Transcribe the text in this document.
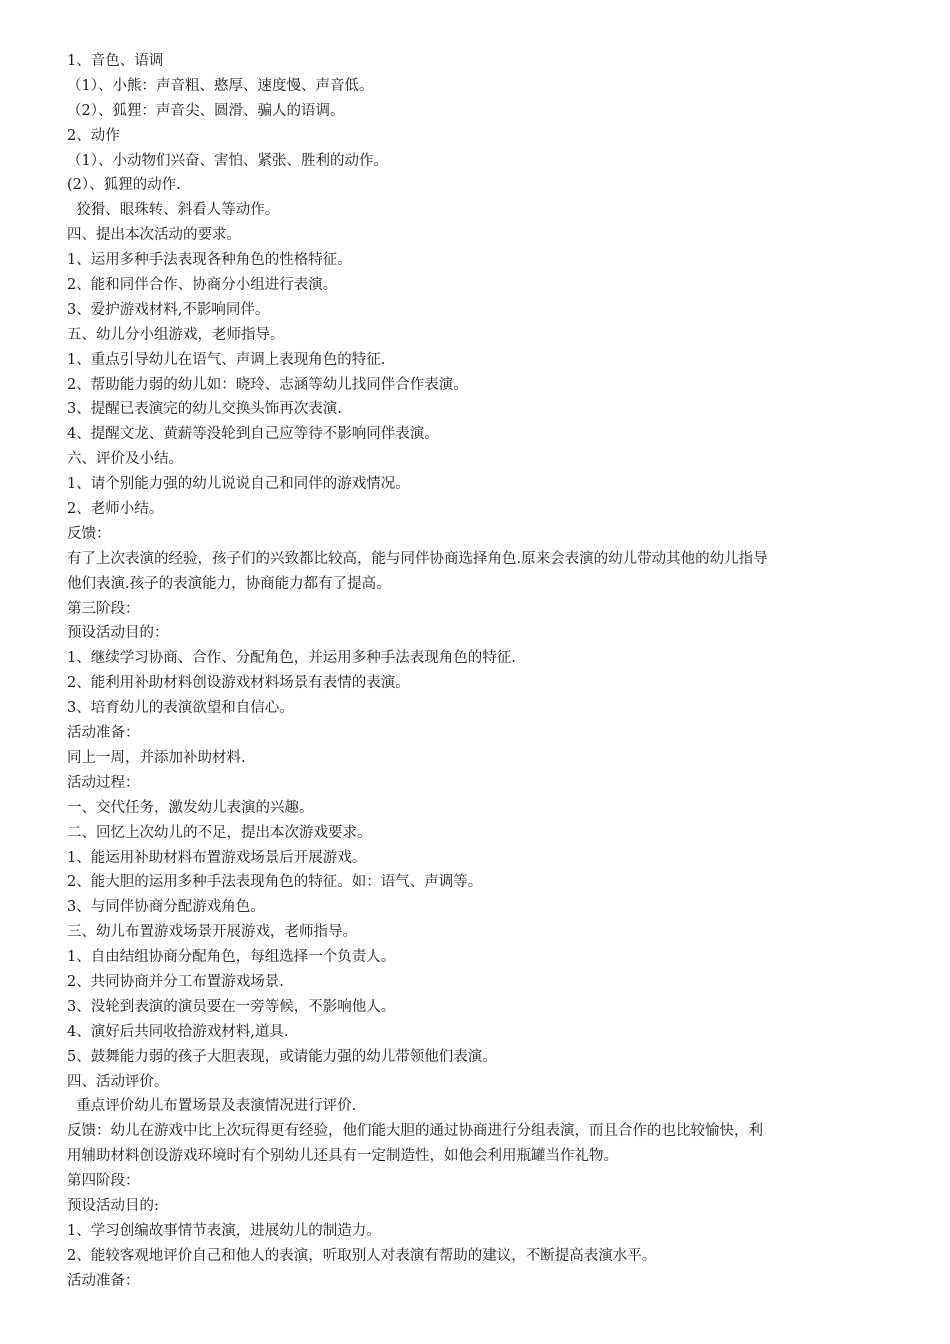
1、音色、语调
（1）、小熊：声音粗、憨厚、速度慢、声音低。
（2）、狐狸：声音尖、圆滑、骗人的语调。
2、动作
（1）、小动物们兴奋、害怕、紧张、胜利的动作。
(2）、狐狸的动作.
狡猾、眼珠转、斜看人等动作。
四、提出本次活动的要求。
1、运用多种手法表现各种角色的性格特征。
2、能和同伴合作、协商分小组进行表演。
3、爱护游戏材料,不影响同伴。
五、幼儿分小组游戏，老师指导。
1、重点引导幼儿在语气、声调上表现角色的特征.
2、帮助能力弱的幼儿如：晓玲、志涵等幼儿找同伴合作表演。
3、提醒已表演完的幼儿交换头饰再次表演.
4、提醒文龙、黄薪等没轮到自己应等待不影响同伴表演。
六、评价及小结。
1、请个别能力强的幼儿说说自己和同伴的游戏情况。
2、老师小结。
反馈：
有了上次表演的经验，孩子们的兴致都比较高，能与同伴协商选择角色.原来会表演的幼儿带动其他的幼儿指导
他们表演.孩子的表演能力，协商能力都有了提高。
第三阶段：
预设活动目的：
1、继续学习协商、合作、分配角色，并运用多种手法表现角色的特征.
2、能利用补助材料创设游戏材料场景有表情的表演。
3、培育幼儿的表演欲望和自信心。
活动准备：
同上一周，并添加补助材料.
活动过程：
一、交代任务，激发幼儿表演的兴趣。
二、回忆上次幼儿的不足，提出本次游戏要求。
1、能运用补助材料布置游戏场景后开展游戏。
2、能大胆的运用多种手法表现角色的特征。如：语气、声调等。
3、与同伴协商分配游戏角色。
三、幼儿布置游戏场景开展游戏，老师指导。
1、自由结组协商分配角色，每组选择一个负责人。
2、共同协商并分工布置游戏场景.
3、没轮到表演的演员要在一旁等候，不影响他人。
4、演好后共同收拾游戏材料,道具.
5、鼓舞能力弱的孩子大胆表现，或请能力强的幼儿带领他们表演。
四、活动评价。
重点评价幼儿布置场景及表演情况进行评价.
反馈：幼儿在游戏中比上次玩得更有经验，他们能大胆的通过协商进行分组表演，而且合作的也比较愉快，利
用辅助材料创设游戏环境时有个别幼儿还具有一定制造性，如他会利用瓶罐当作礼物。
第四阶段：
预设活动目的:
1、学习创编故事情节表演，进展幼儿的制造力。
2、能较客观地评价自己和他人的表演，听取别人对表演有帮助的建议，不断提高表演水平。
活动准备：
